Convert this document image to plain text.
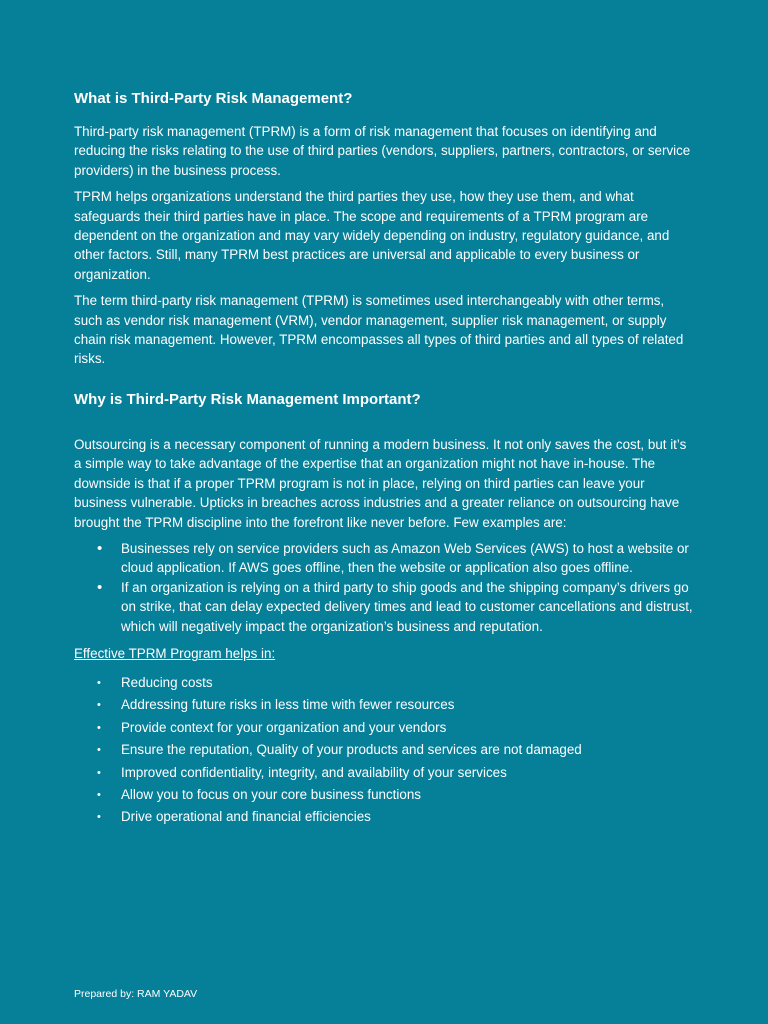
What is Third-Party Risk Management?

Third-party risk management (TPRM) is a form of risk management that focuses on identifying and reducing the risks relating to the use of third parties (vendors, suppliers, partners, contractors, or service providers) in the business process.

TPRM helps organizations understand the third parties they use, how they use them, and what safeguards their third parties have in place. The scope and requirements of a TPRM program are dependent on the organization and may vary widely depending on industry, regulatory guidance, and other factors. Still, many TPRM best practices are universal and applicable to every business or organization.

The term third-party risk management (TPRM) is sometimes used interchangeably with other terms, such as vendor risk management (VRM), vendor management, supplier risk management, or supply chain risk management. However, TPRM encompasses all types of third parties and all types of related risks.

Why is Third-Party Risk Management Important?

Outsourcing is a necessary component of running a modern business. It not only saves the cost, but it’s a simple way to take advantage of the expertise that an organization might not have in-house. The downside is that if a proper TPRM program is not in place, relying on third parties can leave your business vulnerable. Upticks in breaches across industries and a greater reliance on outsourcing have brought the TPRM discipline into the forefront like never before. Few examples are:

• Businesses rely on service providers such as Amazon Web Services (AWS) to host a website or cloud application. If AWS goes offline, then the website or application also goes offline.
• If an organization is relying on a third party to ship goods and the shipping company’s drivers go on strike, that can delay expected delivery times and lead to customer cancellations and distrust, which will negatively impact the organization’s business and reputation.
Effective TPRM Program helps in:
• Reducing costs
• Addressing future risks in less time with fewer resources
• Provide context for your organization and your vendors
• Ensure the reputation, Quality of your products and services are not damaged
• Improved confidentiality, integrity, and availability of your services
• Allow you to focus on your core business functions
• Drive operational and financial efficiencies
Prepared by: RAM YADAV
